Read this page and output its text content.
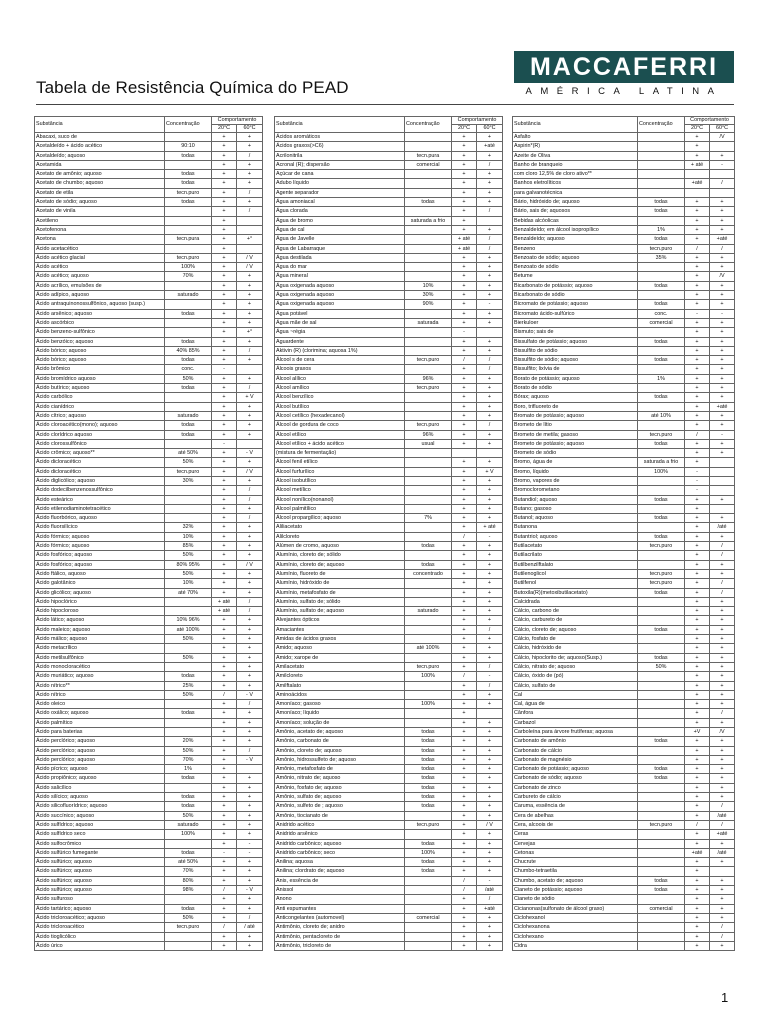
MACCAFERRI
AMÉRICA LATINA
Tabela de Resistência Química do PEAD
Substância	Concentração	Comportamento	
		20°C	60°C
Abacaxi, suco de		+	+
Acetaldeído + ácido acético	90:10	+	+
Acetaldeído; aquoso	todas	+	/
Acetamida		+	+
Acetato de amônio; aquoso	todas	+	+
Acetato de chumbo; aquoso	todas	+	+
Acetato de etila	tecn.puro	+	/
Acetato de sódio; aquoso	todas	+	+
Acetato de vinila		+	/
Acetileno		+	
Acetofenona		+	
Acetona	tecn.pura	+	+°
Ácido acetacético		+	
Ácido acético glacial	tecn.puro	+	/ V
Ácido acético	100%	+	/ V
Ácido acético; aquoso	70%	+	+
Ácido acrílico, emulsões de		+	+
Ácido adípico, aquoso	saturado	+	+
Ácido antraquinonossulfônico, aquoso (susp.)		+	+
Ácido arsênico; aquoso	todas	+	+
Ácido ascórbico		+	+
Ácido benzeno-sulfônico		+	+°
Ácido benzóico; aquoso	todas	+	+
Ácido bórico; aquoso	40% 85%	+	/
Ácido bórico; aquoso	todas	+	+
Ácido brômico	conc.	-	
Ácido bromídrico aquoso	50%	+	+
Ácido butírico; aquoso	todas	+	/
Ácido carbólico		+	+ V
Ácido cianídrico		+	+
Ácido cítrico; aquoso	saturado	+	+
Ácido cloroacético(mono); aquoso	todas	+	+
Ácido clorídrico aquoso	todas	+	+
Ácido clorossulfônico		-	
Ácido crômico; aquoso**	até 50%	+	- V
Ácido dicloracético	50%	+	+
Ácido dicloracético	tecn.puro	+	/ V
Ácido diglicólico; aquoso	30%	+	+
Ácido dodecilbenzenossulfônico		+	/
Ácido esteárico		+	/
Ácido etilenodiaminotetracético		+	+
Ácido fluorbórico, aquoso		+	/
Ácido fluorsilícico	32%	+	+
Ácido fórmico; aquoso	10%	+	+
Ácido fórmico; aquoso	85%	+	+
Ácido fosfórico; aquoso	50%	+	+
Ácido fosfórico; aquoso	80% 95%	+	/ V
Ácido ftálico, aquoso	50%	+	+
Ácido galotânico	10%	+	+
Ácido glicólico; aquoso	até 70%	+	+
Ácido hipoclórico		+ até	/
Ácido hipocloroso		+ até	/
Ácido lático; aquoso	10% 96%	+	+
Ácido maleico; aquoso	até 100%	+	+
Ácido málico; aquoso	50%	+	+
Ácido metacrílico		+	+
Ácido metilsulfônico	50%	+	+
Ácido monocloracético		+	+
Ácido muriático; aquoso	todas	+	+
Ácido nítrico**	25%	+	+
Ácido nítrico	50%	/	- V
Ácido oleico		+	/
Ácido oxálico; aquoso	todas	+	+
Ácido palmítico		+	+
Ácido para baterias		+	+
Ácido perclórico; aquoso	20%	+	+
Ácido perclórico; aquoso	50%	+	/
Ácido perclórico; aquoso	70%	+	- V
Ácido pícrico; aquoso	1%	+	
Ácido propiônico; aquoso	todas	+	+
Ácido salicílico		+	+
Ácido silícico; aquoso	todas	+	+
Ácido silicofluorídrico; aquoso	todas	+	+
Ácido succínico; aquoso	50%	+	+
Ácido sulfídrico; aquoso	saturado	+	+
Ácido sulfídrico seco	100%	+	+
Ácido sulfocrômico		+	-
Ácido sulfúrico fumegante	todas	-	-
Ácido sulfúrico; aquoso	até 50%	+	+
Ácido sulfúrico; aquoso	70%	+	+
Ácido sulfúrico; aquoso	80%	+	+
Ácido sulfúrico; aquoso	98%	/	- V
Ácido sulfuroso		+	+
Ácido tartárico; aquoso	todas	+	+
Ácido tricloroacético; aquoso	50%	+	/
Ácido tricloroacético	tecn.puro	/	/ até
Ácido tioglicólico		+	+
Ácido úrico		+	+
Substância	Concentração	Comportamento	
		20°C	60°C
Ácidos aromáticos		+	+
Ácidos graxos(>C6)		+	+até
Acrilonitrila	tecn.pura	+	+
Acronal (R); dispersão	comercial	+	/
Açúcar de cana		+	+
Adubo líquido		+	+
Agente separador		+	+
Água amoniacal	todas	+	+
Água clorada		+	/
Água de bromo	saturada a frio	+	
Água de cal		+	+
Água de Javelle		+ até	/
Água de Labarraque		+ até	/
Água destilada		+	+
Água do mar		+	+
Água mineral		+	+
Água oxigenada aquoso	10%	+	+
Água oxigenada aquoso	30%	+	+
Água oxigenada aquoso	90%	+	-
Água potável		+	+
Água mãe de sal	saturada	+	+
Água ~régia		-	
Aguardente		+	+
Aktivin (R) (clorimina; aquosa 1%)		+	+
Álcool s de cera	tecn.puro	/	/
Álcoois graxos		+	/
Álcool alílico	96%	+	+
Álcool amílico	tecn.puro	+	+
Álcool benzílico		+	+
Álcool butílico		+	+
Álcool cetílico (hexadecanol)		+	+
Álcool de gordura de coco	tecn.puro	+	/
Álcool etílico	96%	+	+
Álcool etílico + ácido acético	usual	+	+
(mistura de fermentação)			
Álcool fenil etílico		+	+
Álcool furfurílico		+	+ V
Álcool isobutílico		+	+
Álcool metílico		+	+
Álcool nonílico(nonanol)		+	+
Álcool palmitílico		+	+
Álcool propargílico; aquoso	7%	+	+
Aliliacetato		+	+ até
Alilcloreto		/	-
Alúmen de cromo, aquoso	todas	+	+
Alumínio, cloreto de; sólido		+	+
Alumínio, cloreto de; aquoso	todas	+	+
Alumínio, fluoreto de	concentrado	+	+
Alumínio, hidróxido de		+	+
Alumínio, metafosfato de		+	+
Alumínio, sulfato de; sólido		+	+
Alumínio, sulfato de; aquoso	saturado	+	+
Alvejantes ópticos		+	+
Amaciantes		+	/
Amidas de ácidos graxos		+	+
Amido; aquoso	até 100%	+	+
Amido; xarope de		+	+
Amilacetato	tecn.puro	+	/
Amilcloreto	100%	/	-
Amilftalato		+	/
Aminoácidos		+	+
Amoníaco; gasoso	100%	+	+
Amoníaco; líquido		+	
Amoníaco; solução de		+	+
Amônio, acetato de; aquoso	todas	+	+
Amônio, carbonato de	todas	+	+
Amônio, cloreto de; aquoso	todas	+	+
Amônio, hidrossulfeto de; aquoso	todas	+	+
Amônio, metafosfato de	todas	+	+
Amônio, nitrato de; aquoso	todas	+	+
Amônio, fosfato de; aquoso	todas	+	+
Amônio, sulfato de; aquoso	todas	+	+
Amônio, sulfeto de ; aquoso	todas	+	+
Amônio, tiocianato de		+	+
Anidrido acético	tecn.puro	+	/ V
Anidrido arsênico		+	+
Anidrido carbônico; aquoso	todas	+	+
Anidrido carbônico; seco	100%	+	+
Anilina; aquosa	todas	+	+
Anilina; clordrato de; aquoso	todas	+	+
Anis, essência de		/	-
Anissol		/	/até
Anono		+	/
Anti espumantes		+	+até
Anticongelantes (automovel)	comercial	+	+
Antimônio, cloreto de; anidro		+	+
Antimônio, pentacloreto de		+	+
Antimônio, tricloreto de		+	+
Substância	Concentração	Comportamento	
		20°C	60°C
Asfalto		+	/V
Aspirin*(R)		+	
Azeite de Oliva		+	+
Banho de branqueio		+ até	-
com cloro 12,5% de cloro ativo**			
Banhos eletrolíticos		+até	/
para galvanotécnica			
Bário, hidróxido de; aquoso	todas	+	+
Bário, sais de; aquosos	todas	+	+
Bebidas alcóolicas		+	+
Benzaldeído; em álcool isopropílico	1%	+	+
Benzaldeído; aquoso	todas	+	+até
Benzeno	tecn.puro	/	/
Benzoato de sódio; aquoso	35%	+	+
Benzoato de sódio		+	+
Betume		+	/V
Bicarbonato de potássio; aquoso	todas	+	+
Bicarbonato de sódio		+	+
Bicromato de potássio; aquoso	todas	+	+
Bicromato ácido-sulfúrico	conc.	-	-
Bierkuloer	comercial	+	+
Bismuto; sais de		+	+
Bissulfato de potássio; aquoso	todas	+	+
Bissulfito de sódio		+	+
Bissulfito de sódio; aquoso	todas	+	+
Bissulfito; lixívia de		+	+
Borato de potássio; aquoso	1%	+	+
Borato de sódio		+	+
Bórax; aquoso	todas	+	+
Boro, trifluoreto de		+	+até
Bromato de potássio; aquoso	até 10%	+	+
Brometo de lítio		+	+
Brometo de metila; gasoso	tecn.puro	/	-
Brometo de potássio; aquoso	todas	+	+
Brometo de sódio		+	+
Bromo, água de	saturada a frio	+	
Bromo, líquido	100%	-	
Bromo, vapores de		-	
Bromoclorometano		-	
Butandiol; aquoso	todas	+	+
Butano; gasoso		+	
Butanol; aquoso	todas	+	+
Butanona		+	/até
Butantriol; aquoso	todas	+	+
Butilacetato	tecn.puro	+	/
Butilacrilato		+	/
Butilbenzilftalato		+	+
Butilenoglicol	tecn.puro	+	+
Butilfenol	tecn.puro	+	/
Butoxila(R)(metoxibutilacetato)	todas	+	/
Calcidrada		+	+
Cálcio, carbono de		+	+
Cálcio, carbureto de		+	+
Cálcio, cloreto de; aquoso	todas	+	+
Cálcio, fosfato de		+	+
Cálcio, hidróxido de		+	+
Cálcio, hipoclorito de; aquoso(Susp.)	todas	+	+
Cálcio, nitrato de; aquoso	50%	+	+
Cálcio, óxido de (pó)		+	+
Cálcio, sulfato de		+	+
Cal		+	+
Cal, água de		+	+
Cânfora		+	/
Carbazol		+	+
Carboleína para árvore frutíferas; aquosa		+V	/V
Carbonato de amônio	todas	+	+
Carbonato de cálcio		+	+
Carbonato de magnésio		+	+
Carbonato de potássio; aquoso	todas	+	+
Carbonato de sódio; aquoso	todas	+	+
Carbonato de zinco		+	+
Carbureto de cálcio		+	+
Caruma, essência de		+	/
Cera de abelhas		+	/até
Cera, alcoois de	tecn.puro	/	/
Ceras		+	+até
Cervejas		+	+
Cetonas		+até	/até
Chucrute		+	+
Chumbo-tetraetila		+	
Chumbo, acetato de; aquoso	todas	+	+
Cianeto de potássio; aquoso	todas	+	+
Cianeto de sódio		+	+
Cicianonas(sulfonato de álcool graxo)	comercial	+	+
Ciclohexanol		+	+
Ciclohexanona		+	/
Ciclohexano		+	/
Cidra		+	+
1
